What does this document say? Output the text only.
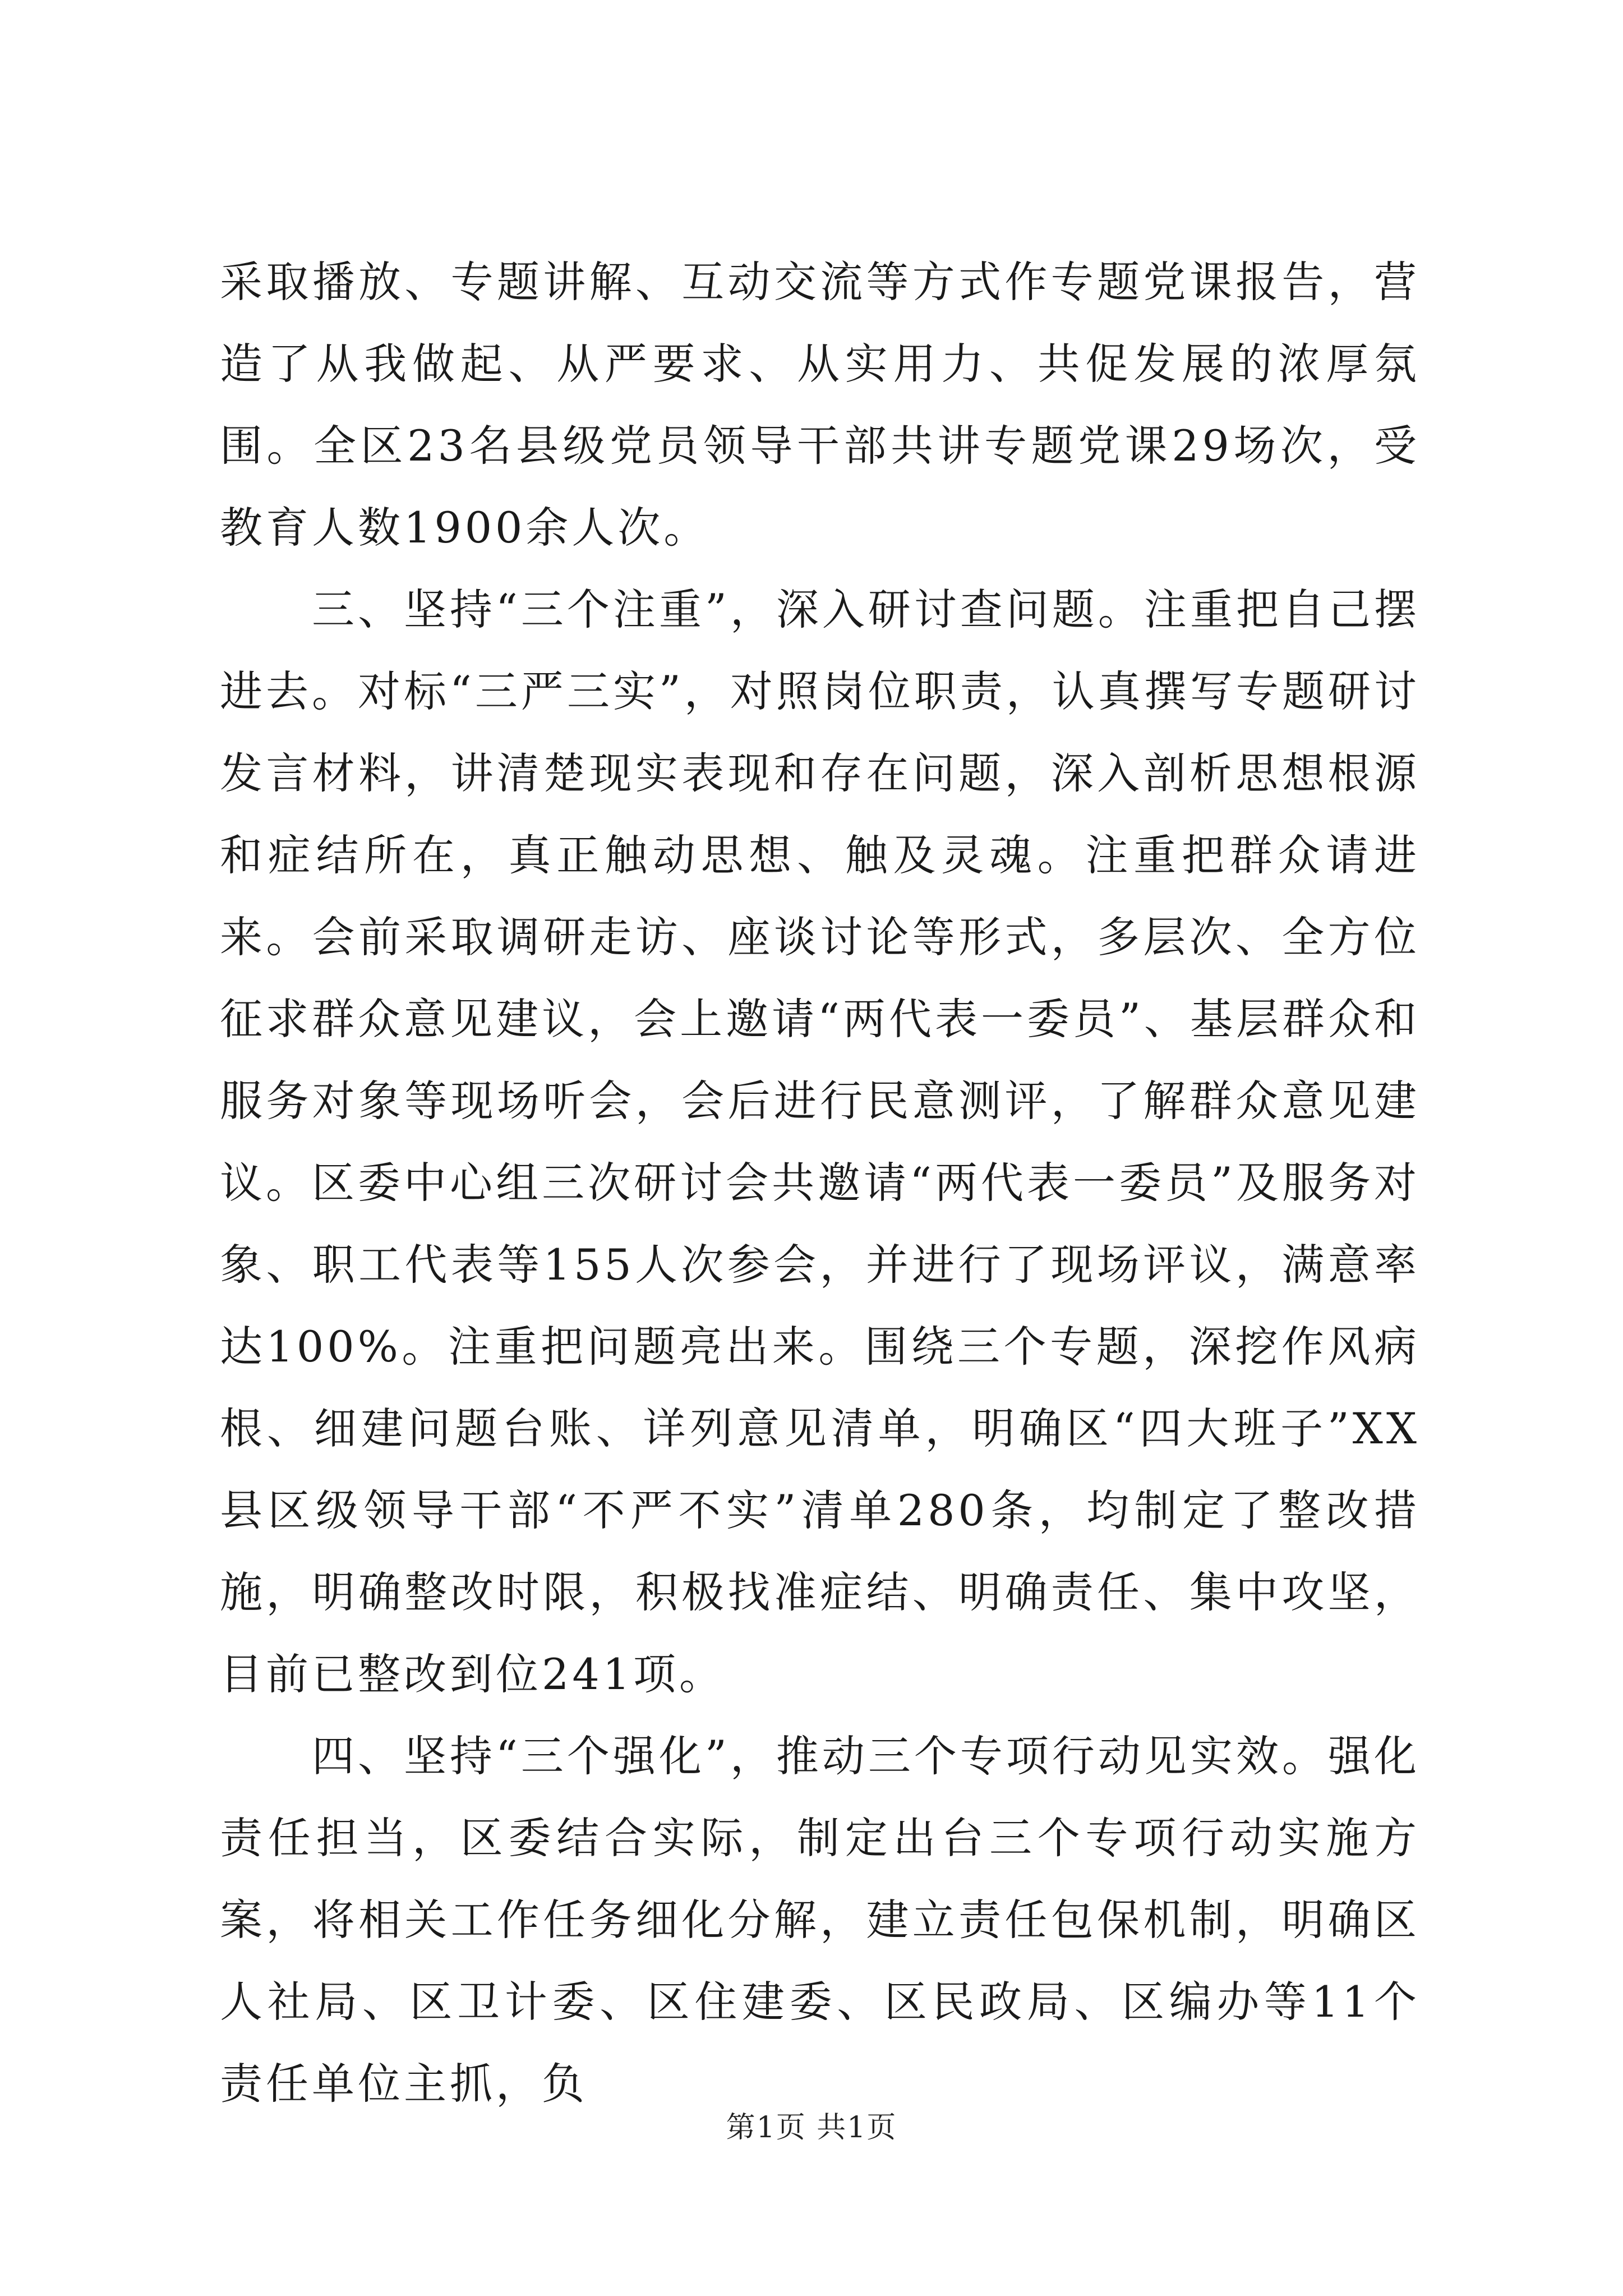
采取播放、专题讲解、互动交流等方式作专题党课报告，营造了从我做起、从严要求、从实用力、共促发展的浓厚氛围。全区23名县级党员领导干部共讲专题党课29场次，受教育人数1900余人次。

三、坚持“三个注重”，深入研讨查问题。注重把自己摆进去。对标“三严三实”，对照岗位职责，认真撰写专题研讨发言材料，讲清楚现实表现和存在问题，深入剖析思想根源和症结所在，真正触动思想、触及灵魂。注重把群众请进来。会前采取调研走访、座谈讨论等形式，多层次、全方位征求群众意见建议，会上邀请“两代表一委员”、基层群众和服务对象等现场听会，会后进行民意测评，了解群众意见建议。区委中心组三次研讨会共邀请“两代表一委员”及服务对象、职工代表等155人次参会，并进行了现场评议，满意率达100%。注重把问题亮出来。围绕三个专题，深挖作风病根、细建问题台账、详列意见清单，明确区“四大班子”XX县区级领导干部“不严不实”清单280条，均制定了整改措施，明确整改时限，积极找准症结、明确责任、集中攻坚，目前已整改到位241项。

四、坚持“三个强化”，推动三个专项行动见实效。强化责任担当，区委结合实际，制定出台三个专项行动实施方案，将相关工作任务细化分解，建立责任包保机制，明确区人社局、区卫计委、区住建委、区民政局、区编办等11个责任单位主抓，负

第1页 共1页
